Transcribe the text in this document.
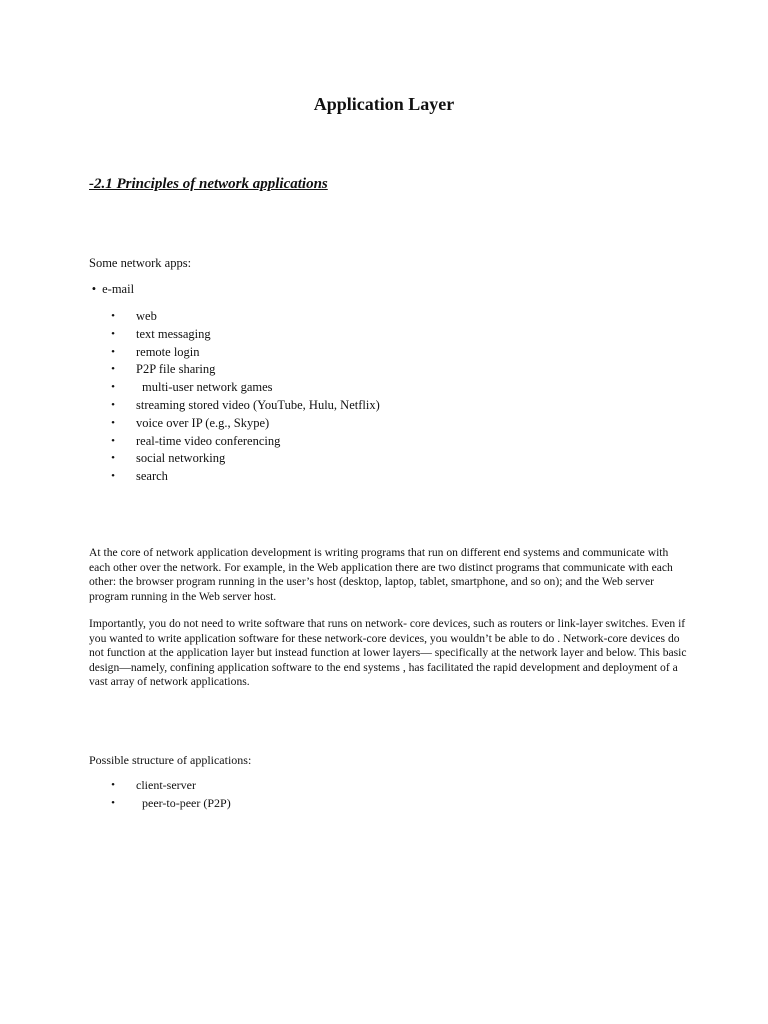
Application Layer
-2.1 Principles of network applications

Some network apps:

• e-mail

• web
• text messaging
• remote login
• P2P file sharing
• multi-user network games
• streaming stored video (YouTube, Hulu, Netflix)
• voice over IP (e.g., Skype)
• real-time video conferencing
• social networking
• search

At the core of network application development is writing programs that run on different end systems and communicate with each other over the network. For example, in the Web application there are two distinct programs that communicate with each other: the browser program running in the user’s host (desktop, laptop, tablet, smartphone, and so on); and the Web server program running in the Web server host.

Importantly, you do not need to write software that runs on network- core devices, such as routers or link-layer switches. Even if you wanted to write application software for these network-core devices, you wouldn’t be able to do . Network-core devices do not function at the application layer but instead function at lower layers— specifically at the network layer and below. This basic design—namely, confining application software to the end systems , has facilitated the rapid development and deployment of a vast array of network applications.

Possible structure of applications:

• client-server
• peer-to-peer (P2P)
